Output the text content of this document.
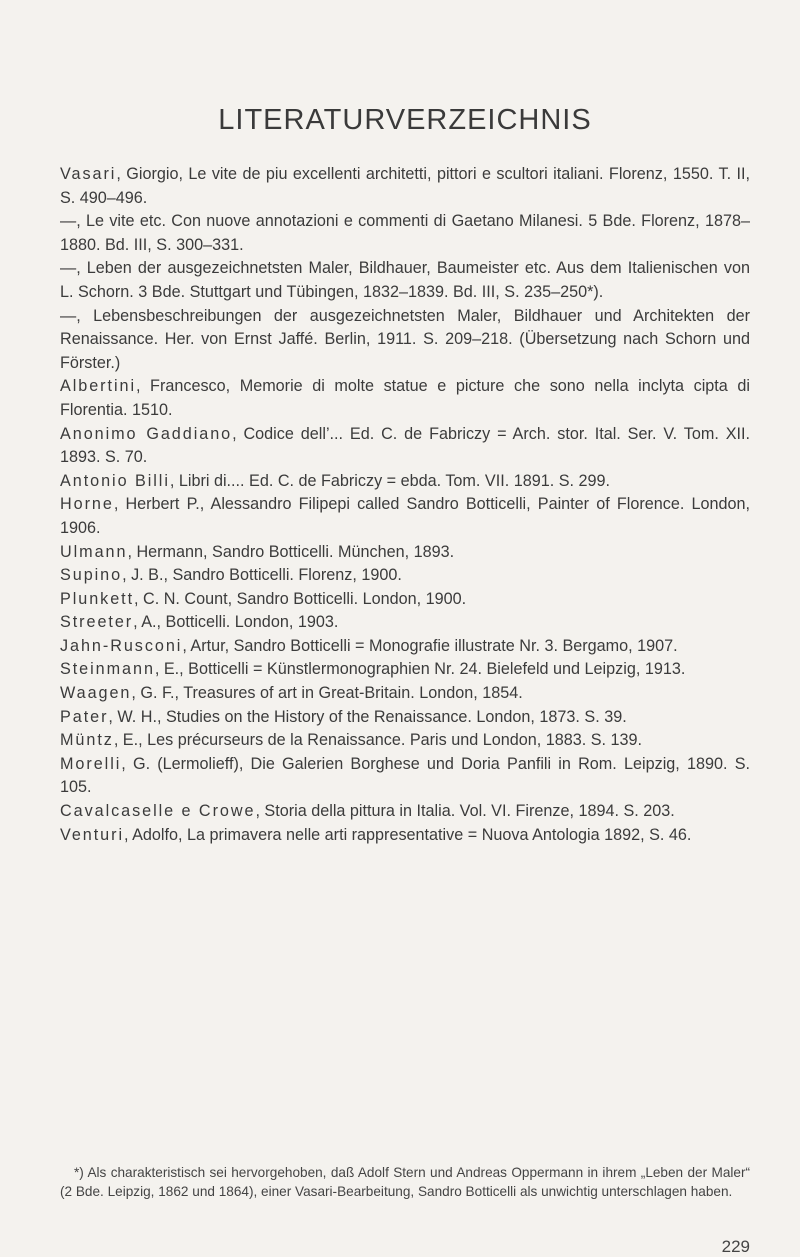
LITERATURVERZEICHNIS

Vasari, Giorgio, Le vite de piu excellenti architetti, pittori e scultori italiani. Florenz, 1550. T. II, S. 490–496.

—, Le vite etc. Con nuove annotazioni e commenti di Gaetano Milanesi. 5 Bde. Florenz, 1878–1880. Bd. III, S. 300–331.

—, Leben der ausgezeichnetsten Maler, Bildhauer, Baumeister etc. Aus dem Italienischen von L. Schorn. 3 Bde. Stuttgart und Tübingen, 1832–1839. Bd. III, S. 235–250*).

—, Lebensbeschreibungen der ausgezeichnetsten Maler, Bildhauer und Architekten der Renaissance. Her. von Ernst Jaffé. Berlin, 1911. S. 209–218. (Übersetzung nach Schorn und Förster.)

Albertini, Francesco, Memorie di molte statue e picture che sono nella inclyta cipta di Florentia. 1510.

Anonimo Gaddiano, Codice dell’... Ed. C. de Fabriczy = Arch. stor. Ital. Ser. V. Tom. XII. 1893. S. 70.

Antonio Billi, Libri di.... Ed. C. de Fabriczy = ebda. Tom. VII. 1891. S. 299.

Horne, Herbert P., Alessandro Filipepi called Sandro Botticelli, Painter of Florence. London, 1906.

Ulmann, Hermann, Sandro Botticelli. München, 1893.

Supino, J. B., Sandro Botticelli. Florenz, 1900.

Plunkett, C. N. Count, Sandro Botticelli. London, 1900.

Streeter, A., Botticelli. London, 1903.

Jahn-Rusconi, Artur, Sandro Botticelli = Monografie illustrate Nr. 3. Bergamo, 1907.

Steinmann, E., Botticelli = Künstlermonographien Nr. 24. Bielefeld und Leipzig, 1913.

Waagen, G. F., Treasures of art in Great-Britain. London, 1854.

Pater, W. H., Studies on the History of the Renaissance. London, 1873. S. 39.

Müntz, E., Les précurseurs de la Renaissance. Paris und London, 1883. S. 139.

Morelli, G. (Lermolieff), Die Galerien Borghese und Doria Panfili in Rom. Leipzig, 1890. S. 105.

Cavalcaselle e Crowe, Storia della pittura in Italia. Vol. VI. Firenze, 1894. S. 203.

Venturi, Adolfo, La primavera nelle arti rappresentative = Nuova Antologia 1892, S. 46.

*) Als charakteristisch sei hervorgehoben, daß Adolf Stern und Andreas Oppermann in ihrem „Leben der Maler“ (2 Bde. Leipzig, 1862 und 1864), einer Vasari-Bearbeitung, Sandro Botticelli als unwichtig unterschlagen haben.

229
